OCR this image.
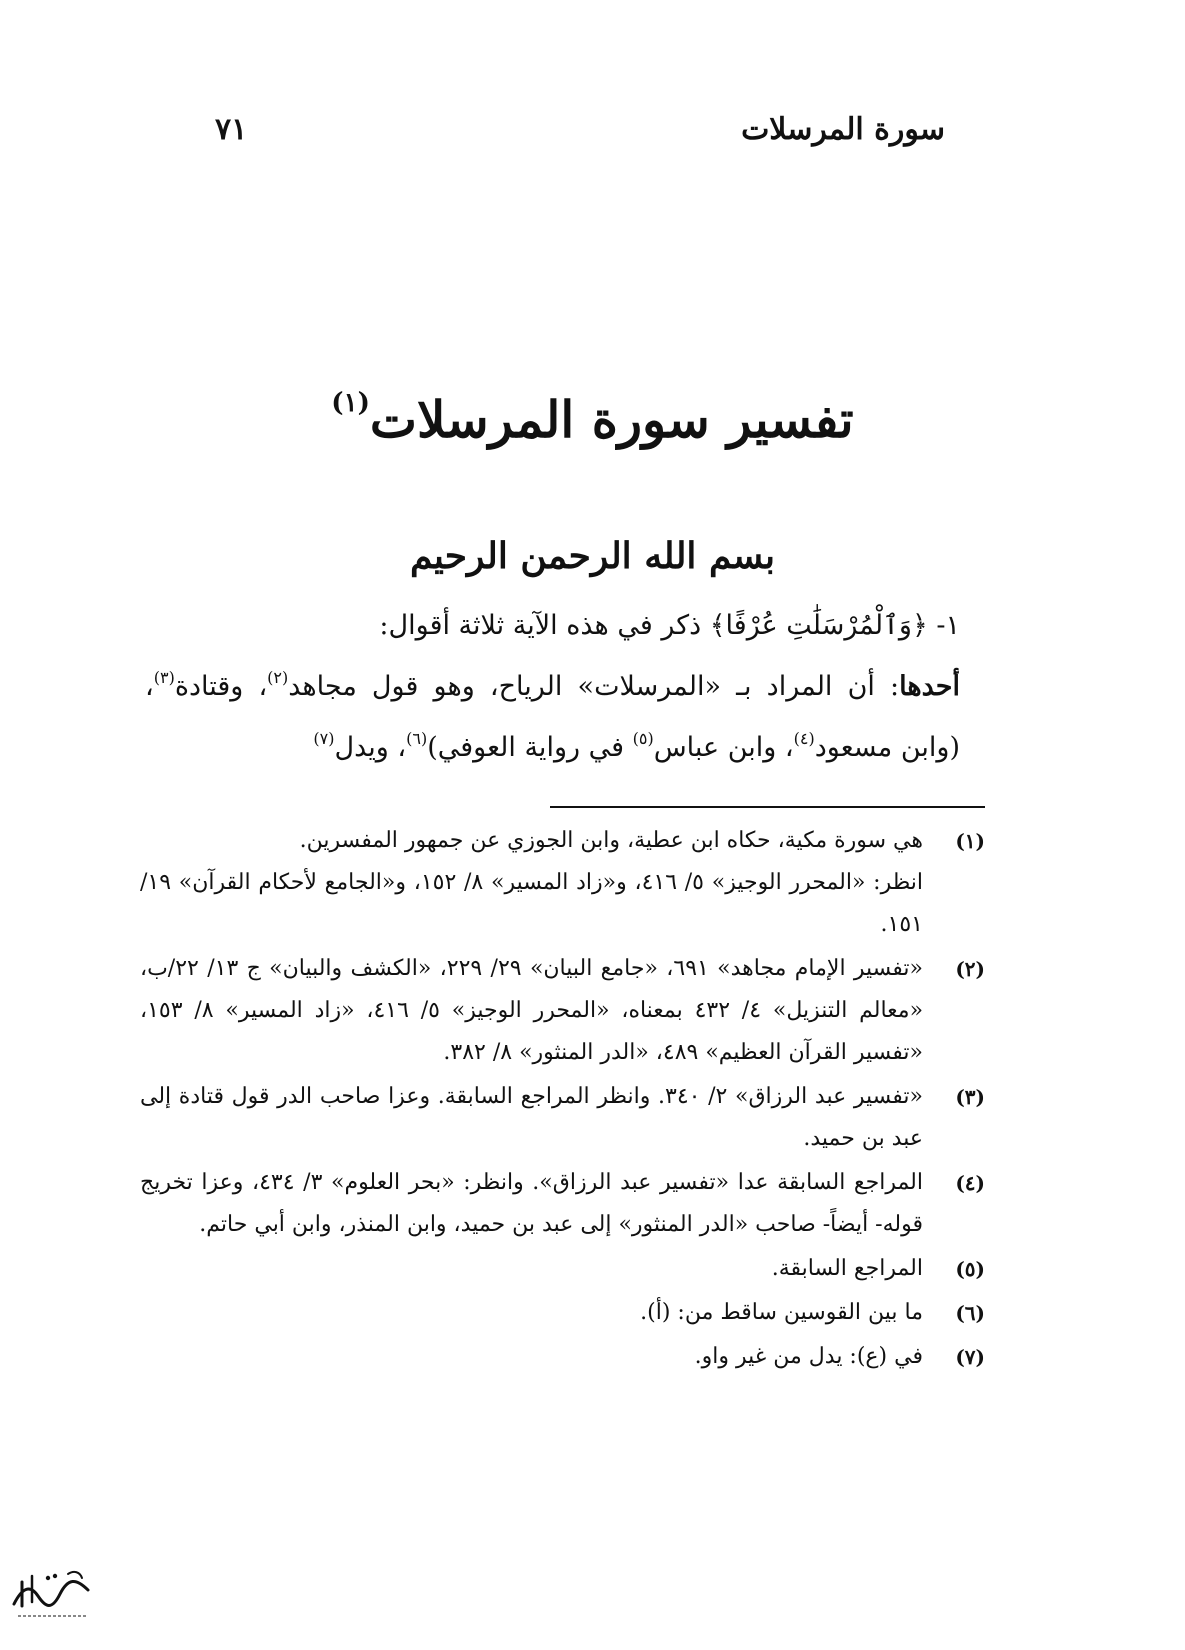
سورة المرسلات
٧١
تفسير سورة المرسلات$^{(١)}$
بسم الله الرحمن الرحيم

١- ﴿وَٱلْمُرْسَلَٰتِ عُرْفًا﴾ ذكر في هذه الآية ثلاثة أقوال:

أحدها: أن المراد بـ «المرسلات» الرياح، وهو قول مجاهد$^{(٢)}$، وقتادة$^{(٣)}$، (وابن مسعود$^{(٤)}$، وابن عباس$^{(٥)}$ في رواية العوفي)$^{(٦)}$، ويدل$^{(٧)}$

(١)
هي سورة مكية، حكاه ابن عطية، وابن الجوزي عن جمهور المفسرين.
انظر: «المحرر الوجيز» ٥/ ٤١٦، و«زاد المسير» ٨/ ١٥٢، و«الجامع لأحكام القرآن» ١٩/ ١٥١.
(٢)
«تفسير الإمام مجاهد» ٦٩١، «جامع البيان» ٢٩/ ٢٢٩، «الكشف والبيان» ج ١٣/ ٢٢/ب، «معالم التنزيل» ٤/ ٤٣٢ بمعناه، «المحرر الوجيز» ٥/ ٤١٦، «زاد المسير» ٨/ ١٥٣، «تفسير القرآن العظيم» ٤٨٩، «الدر المنثور» ٨/ ٣٨٢.
(٣)
«تفسير عبد الرزاق» ٢/ ٣٤٠. وانظر المراجع السابقة. وعزا صاحب الدر قول قتادة إلى عبد بن حميد.
(٤)
المراجع السابقة عدا «تفسير عبد الرزاق». وانظر: «بحر العلوم» ٣/ ٤٣٤، وعزا تخريج قوله- أيضاً- صاحب «الدر المنثور» إلى عبد بن حميد، وابن المنذر، وابن أبي حاتم.
(٥)
المراجع السابقة.
(٦)
ما بين القوسين ساقط من: (أ).
(٧)
في (ع): يدل من غير واو.
